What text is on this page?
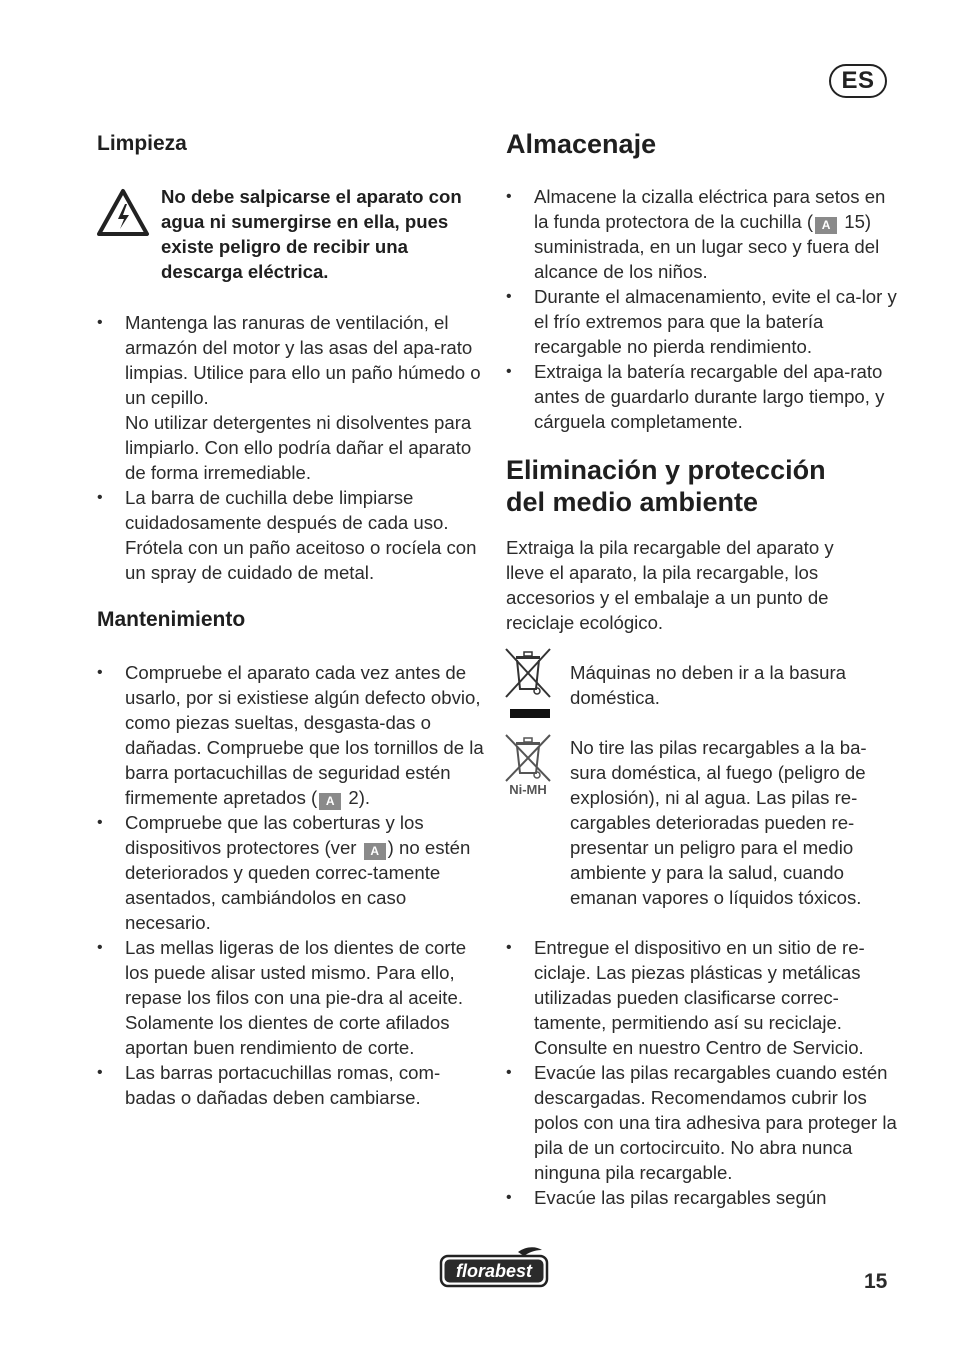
ES
Limpieza
No debe salpicarse el aparato con agua ni sumergirse en ella, pues existe peligro de recibir una descarga eléctrica.
• Mantenga las ranuras de ventilación, el armazón del motor y las asas del apa-rato limpias. Utilice para ello un paño húmedo o un cepillo.
No utilizar detergentes ni disolventes para limpiarlo. Con ello podría dañar el aparato de forma irremediable.
• La barra de cuchilla debe limpiarse cuidadosamente después de cada uso. Frótela con un paño aceitoso o rocíela con un spray de cuidado de metal.
Mantenimiento
• Compruebe el aparato cada vez antes de usarlo, por si existiese algún defecto obvio, como piezas sueltas, desgasta-das o dañadas. Compruebe que los tornillos de la barra portacuchillas de seguridad estén firmemente apretados ( A 2).
• Compruebe que las coberturas y los dispositivos protectores (ver A ) no estén deteriorados y queden correc-tamente asentados, cambiándolos en caso necesario.
• Las mellas ligeras de los dientes de corte los puede alisar usted mismo. Para ello, repase los filos con una pie-dra al aceite. Solamente los dientes de corte afilados aportan buen rendimiento de corte.
• Las barras portacuchillas romas, com-badas o dañadas deben cambiarse.
Almacenaje
• Almacene la cizalla eléctrica para setos en la funda protectora de la cuchilla ( A 15) suministrada, en un lugar seco y fuera del alcance de los niños.
• Durante el almacenamiento, evite el ca-lor y el frío extremos para que la batería recargable no pierda rendimiento.
• Extraiga la batería recargable del apa-rato antes de guardarlo durante largo tiempo, y cárguela completamente.
Eliminación y protección
del medio ambiente
Extraiga la pila recargable del aparato y lleve el aparato, la pila recargable, los accesorios y el embalaje a un punto de reciclaje ecológico.
Máquinas no deben ir a la basura doméstica.
Ni-MH
No tire las pilas recargables a la ba-sura doméstica, al fuego (peligro de explosión), ni al agua. Las pilas re-cargables deterioradas pueden re-presentar un peligro para el medio ambiente y para la salud, cuando emanan vapores o líquidos tóxicos.
• Entregue el dispositivo en un sitio de re-ciclaje. Las piezas plásticas y metálicas utilizadas pueden clasificarse correc-tamente, permitiendo así su reciclaje. Consulte en nuestro Centro de Servicio.
• Evacúe las pilas recargables cuando estén descargadas. Recomendamos cubrir los polos con una tira adhesiva para proteger la pila de un cortocircuito. No abra nunca ninguna pila recargable.
• Evacúe las pilas recargables según
florabest	15
